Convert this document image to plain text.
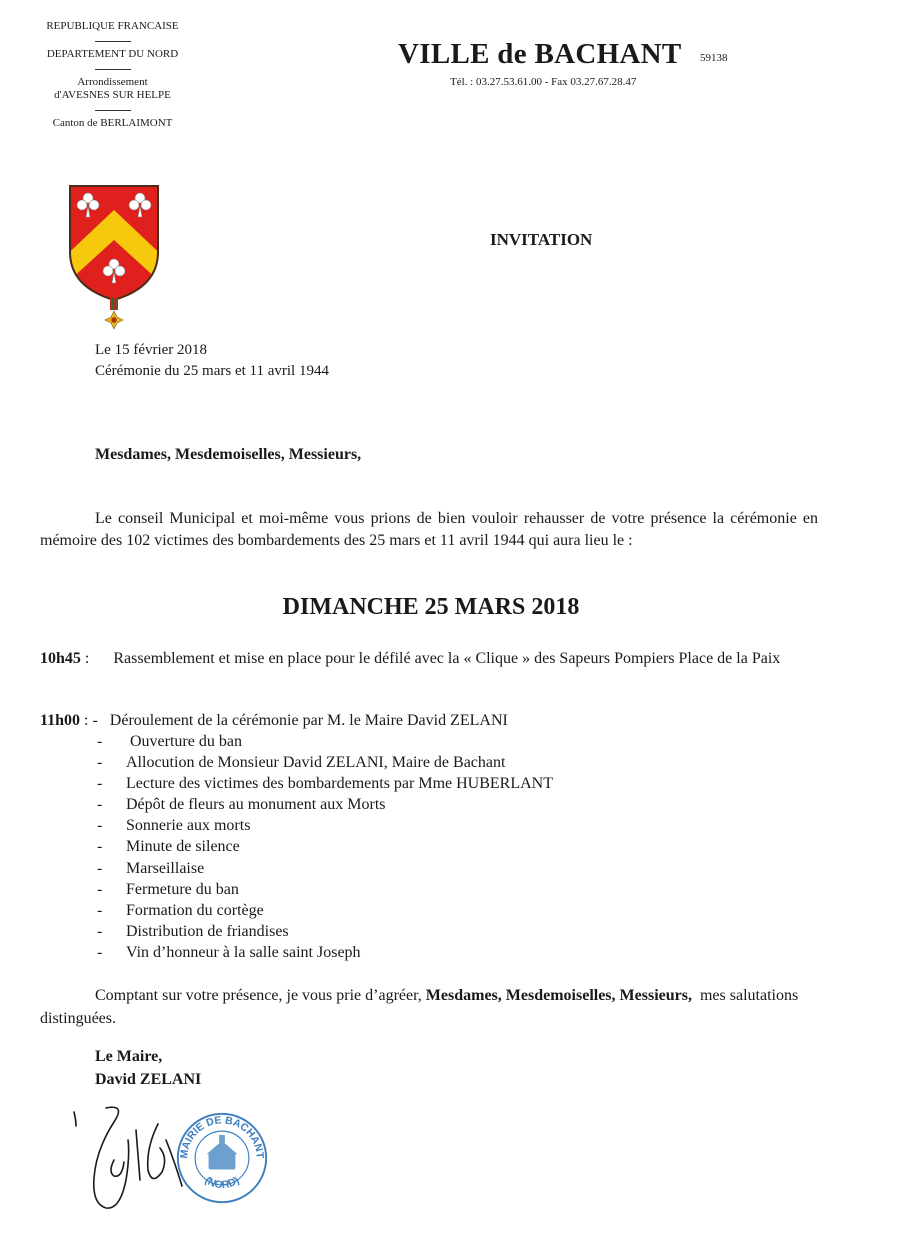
REPUBLIQUE FRANCAISE
DEPARTEMENT DU NORD
Arrondissement
d'AVESNES SUR HELPE
Canton de BERLAIMONT
VILLE de BACHANT 59138
Tél. : 03.27.53.61.00 - Fax 03.27.67.28.47
INVITATION
Le 15 février 2018
Cérémonie du 25 mars et 11 avril 1944
Mesdames, Mesdemoiselles, Messieurs,
Le conseil Municipal et moi-même vous prions de bien vouloir rehausser de votre présence la cérémonie en mémoire des 102 victimes des bombardements des 25 mars et 11 avril 1944 qui aura lieu le :
DIMANCHE 25 MARS 2018
10h45 :      Rassemblement et mise en place pour le défilé avec la « Clique » des Sapeurs Pompiers Place de la Paix
11h00 : -   Déroulement de la cérémonie par M. le Maire David ZELANI
- Ouverture du ban
- Allocution de Monsieur David ZELANI, Maire de Bachant
- Lecture des victimes des bombardements par Mme HUBERLANT
- Dépôt de fleurs au monument aux Morts
- Sonnerie aux morts
- Minute de silence
- Marseillaise
- Fermeture du ban
- Formation du cortège
- Distribution de friandises
- Vin d’honneur à la salle saint Joseph
Comptant sur votre présence, je vous prie d’agréer, Mesdames, Mesdemoiselles, Messieurs,  mes salutations distinguées.
Le Maire,
David ZELANI
MAIRIE DE BACHANT
(NORD)
